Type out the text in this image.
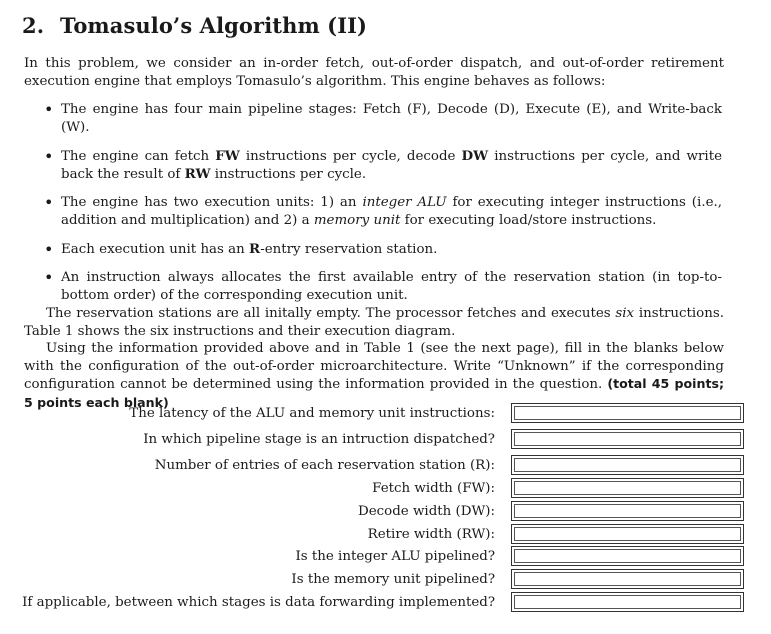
2. Tomasulo’s Algorithm (II)
In this problem, we consider an in-order fetch, out-of-order dispatch, and out-of-order retirement execution engine that employs Tomasulo’s algorithm. This engine behaves as follows:
• The engine has four main pipeline stages: Fetch (F), Decode (D), Execute (E), and Write-back (W).
• The engine can fetch FW instructions per cycle, decode DW instructions per cycle, and write back the result of RW instructions per cycle.
• The engine has two execution units: 1) an integer ALU for executing integer instructions (i.e., addition and multiplication) and 2) a memory unit for executing load/store instructions.
• Each execution unit has an R-entry reservation station.
• An instruction always allocates the first available entry of the reservation station (in top-to-bottom order) of the corresponding execution unit.
The reservation stations are all initally empty. The processor fetches and executes six instructions. Table 1 shows the six instructions and their execution diagram.
Using the information provided above and in Table 1 (see the next page), fill in the blanks below with the configuration of the out-of-order microarchitecture. Write “Unknown” if the corresponding configuration cannot be determined using the information provided in the question. (total 45 points; 5 points each blank)
The latency of the ALU and memory unit instructions:
In which pipeline stage is an intruction dispatched?
Number of entries of each reservation station (R):
Fetch width (FW):
Decode width (DW):
Retire width (RW):
Is the integer ALU pipelined?
Is the memory unit pipelined?
If applicable, between which stages is data forwarding implemented?
